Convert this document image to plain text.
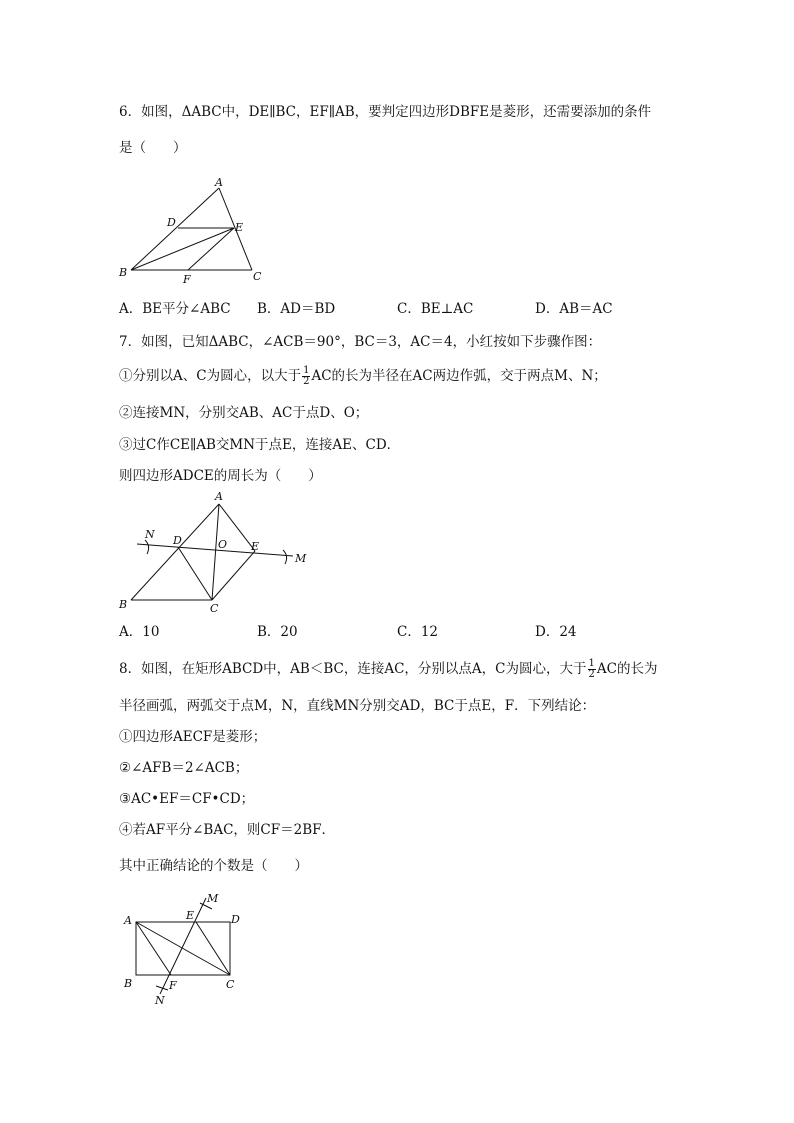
6．如图，ΔABC中，DE∥BC，EF∥AB，要判定四边形DBFE是菱形，还需要添加的条件
是（　　）
A
D	E
B
F	C
A．BE平分∠ABC B．AD＝BD	C．BE⊥AC	D．AB＝AC
7．如图，已知ΔABC，∠ACB＝90°，BC＝3，AC＝4，小红按如下步骤作图：
①分别以A、C为圆心，以大于 $\frac{1}{2}$ AC的长为半径在AC两边作弧，交于两点M、N；
②连接MN，分别交AB、AC于点D、O；
③过C作CE∥AB交MN于点E，连接AE、CD．
则四边形ADCE的周长为（　　）
A
N D	O E
M
B	C
A．10	B．20	C．12	D．24
8．如图，在矩形ABCD中，AB＜BC，连接AC，分别以点A，C为圆心，大于 $\frac{1}{2}$ AC的长为
半径画弧，两弧交于点M，N，直线MN分别交AD，BC于点E，F．下列结论：
①四边形AECF是菱形；
②∠AFB＝2∠ACB；
③AC•EF＝CF•CD；
④若AF平分∠BAC，则CF＝2BF．
其中正确结论的个数是（　　）
M
A	E	D
B	F	C
N
